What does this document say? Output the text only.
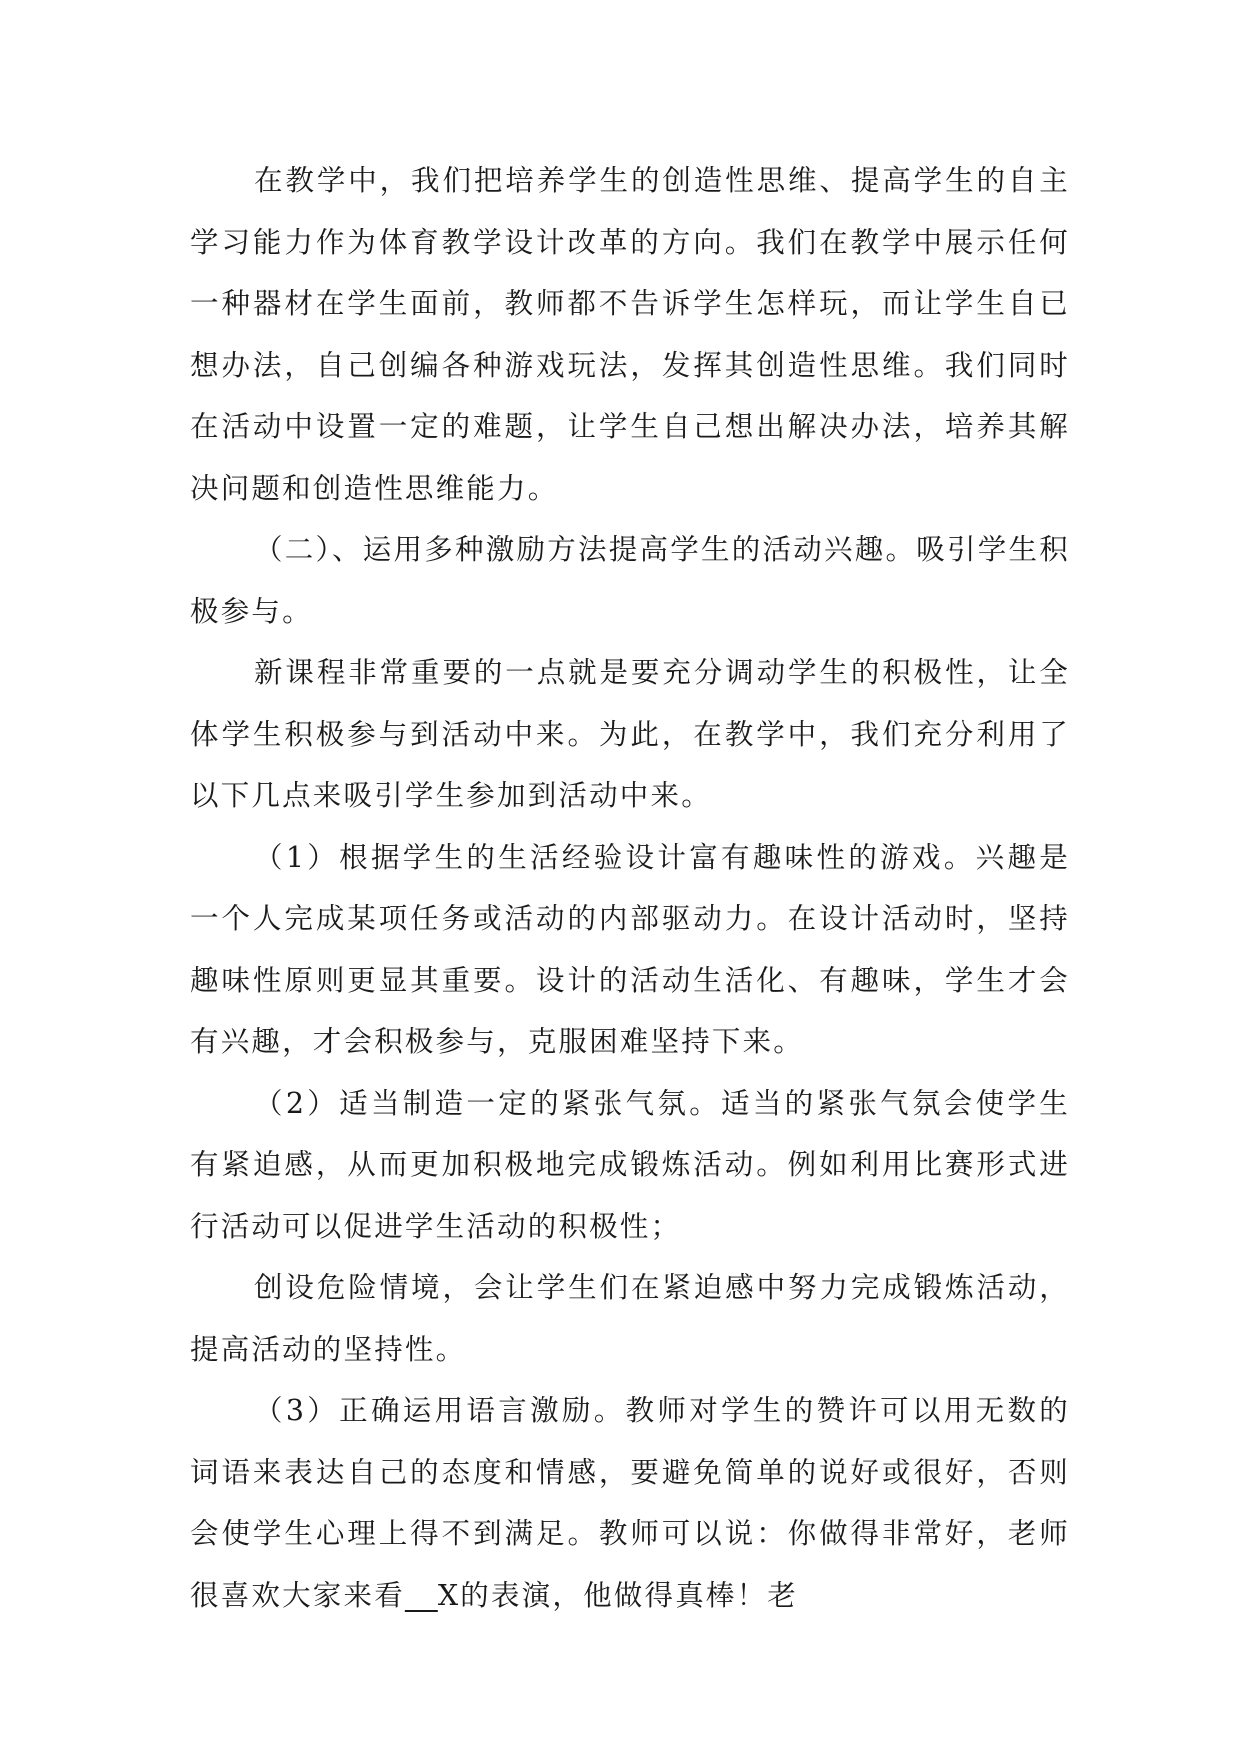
在教学中，我们把培养学生的创造性思维、提高学生的自主学习能力作为体育教学设计改革的方向。我们在教学中展示任何一种器材在学生面前，教师都不告诉学生怎样玩，而让学生自已想办法，自己创编各种游戏玩法，发挥其创造性思维。我们同时在活动中设置一定的难题，让学生自己想出解决办法，培养其解决问题和创造性思维能力。

（二）、运用多种激励方法提高学生的活动兴趣。吸引学生积极参与。

新课程非常重要的一点就是要充分调动学生的积极性，让全体学生积极参与到活动中来。为此，在教学中，我们充分利用了以下几点来吸引学生参加到活动中来。

（1）根据学生的生活经验设计富有趣味性的游戏。兴趣是一个人完成某项任务或活动的内部驱动力。在设计活动时，坚持趣味性原则更显其重要。设计的活动生活化、有趣味，学生才会有兴趣，才会积极参与，克服困难坚持下来。

（2）适当制造一定的紧张气氛。适当的紧张气氛会使学生有紧迫感，从而更加积极地完成锻炼活动。例如利用比赛形式进行活动可以促进学生活动的积极性；

创设危险情境，会让学生们在紧迫感中努力完成锻炼活动，提高活动的坚持性。

（3）正确运用语言激励。教师对学生的赞许可以用无数的词语来表达自己的态度和情感，要避免简单的说好或很好，否则会使学生心理上得不到满足。教师可以说：你做得非常好，老师很喜欢大家来看__X的表演，他做得真棒！老
